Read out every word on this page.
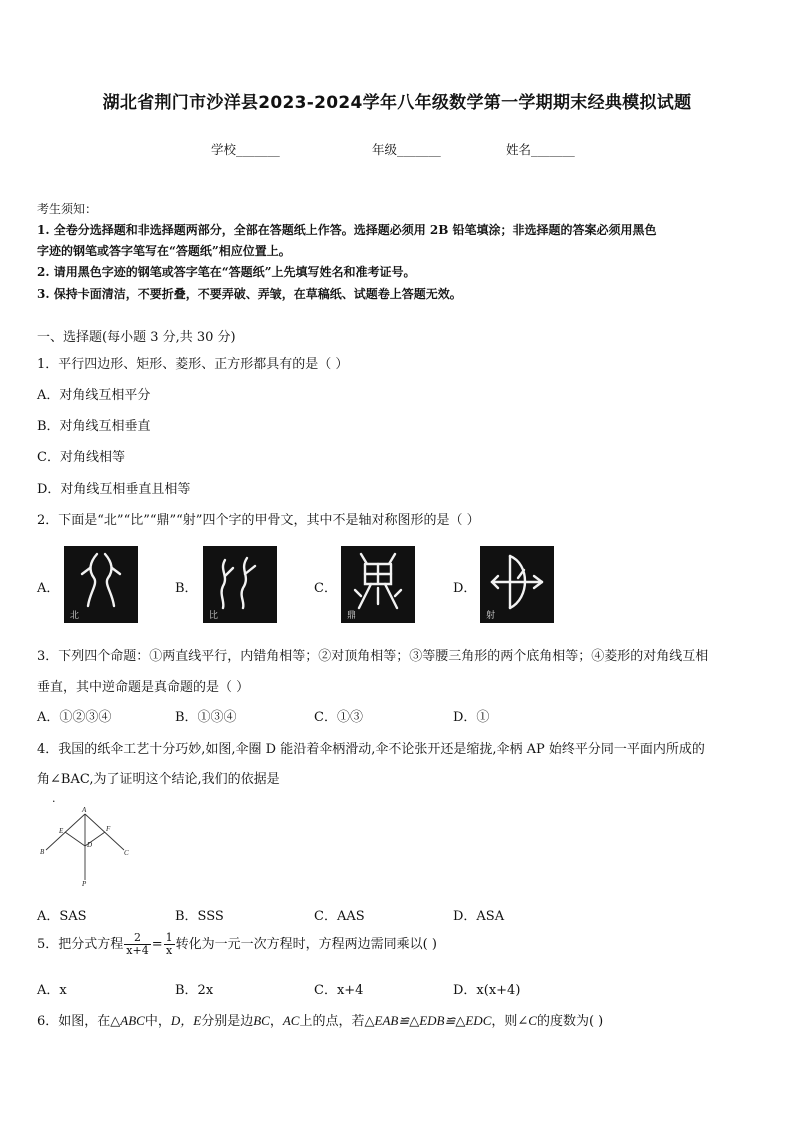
湖北省荆门市沙洋县2023-2024学年八年级数学第一学期期末经典模拟试题
学校_______	年级_______	姓名_______
考生须知：
1. 全卷分选择题和非选择题两部分，全部在答题纸上作答。选择题必须用 2B 铅笔填涂；非选择题的答案必须用黑色
字迹的钢笔或答字笔写在“答题纸”相应位置上。
2. 请用黑色字迹的钢笔或答字笔在“答题纸”上先填写姓名和准考证号。
3. 保持卡面清洁，不要折叠，不要弄破、弄皱，在草稿纸、试题卷上答题无效。
一、选择题(每小题 3 分,共 30 分)
1．平行四边形、矩形、菱形、正方形都具有的是（ ）
A．对角线互相平分
B．对角线互相垂直
C．对角线相等
D．对角线互相垂直且相等
2．下面是“北”“比”“鼎”“射”四个字的甲骨文，其中不是轴对称图形的是（ ）
A．	B．	C．	D．
北	比	鼎	射
3．下列四个命题：①两直线平行，内错角相等；②对顶角相等；③等腰三角形的两个底角相等；④菱形的对角线互相
垂直，其中逆命题是真命题的是（ ）
A．①②③④	B．①③④	C．①③	D．①
4．我国的纸伞工艺十分巧妙,如图,伞圈 D 能沿着伞柄滑动,伞不论张开还是缩拢,伞柄 AP 始终平分同一平面内所成的
角∠BAC,为了证明这个结论,我们的依据是
.
A
E	F
B
D
C
P
A．SAS	B．SSS	C．AAS	D．ASA
5．把分式方程 $\frac{2}{x+4} = \frac{1}{x}$ 转化为一元一次方程时，方程两边需同乘以( )
A．x	B．2x	C．x+4	D．x(x+4)
6．如图，在△ABC中，D，E分别是边BC，AC上的点，若△EAB≌△EDB≌△EDC，则∠C的度数为( )
